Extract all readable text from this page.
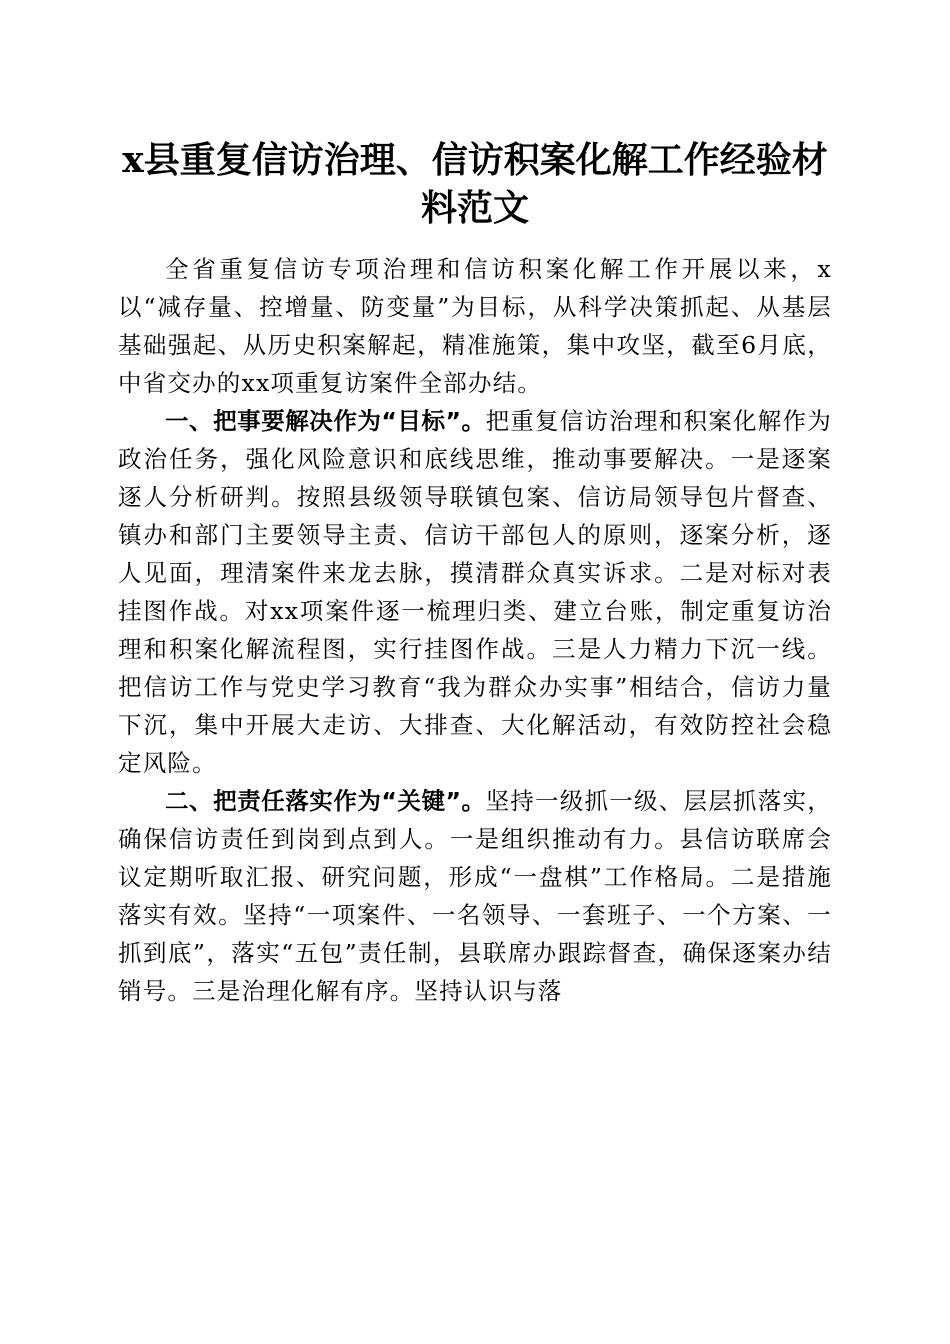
x县重复信访治理、信访积案化解工作经验材
料范文

全省重复信访专项治理和信访积案化解工作开展以来，x以“减存量、控增量、防变量”为目标，从科学决策抓起、从基层基础强起、从历史积案解起，精准施策，集中攻坚，截至6月底，中省交办的xx项重复访案件全部办结。

一、把事要解决作为“目标”。把重复信访治理和积案化解作为政治任务，强化风险意识和底线思维，推动事要解决。一是逐案逐人分析研判。按照县级领导联镇包案、信访局领导包片督查、镇办和部门主要领导主责、信访干部包人的原则，逐案分析，逐人见面，理清案件来龙去脉，摸清群众真实诉求。二是对标对表挂图作战。对xx项案件逐一梳理归类、建立台账，制定重复访治理和积案化解流程图，实行挂图作战。三是人力精力下沉一线。把信访工作与党史学习教育“我为群众办实事”相结合，信访力量下沉，集中开展大走访、大排查、大化解活动，有效防控社会稳定风险。

二、把责任落实作为“关键”。坚持一级抓一级、层层抓落实，确保信访责任到岗到点到人。一是组织推动有力。县信访联席会议定期听取汇报、研究问题，形成“一盘棋”工作格局。二是措施落实有效。坚持“一项案件、一名领导、一套班子、一个方案、一抓到底”，落实“五包”责任制，县联席办跟踪督查，确保逐案办结销号。三是治理化解有序。坚持认识与落
